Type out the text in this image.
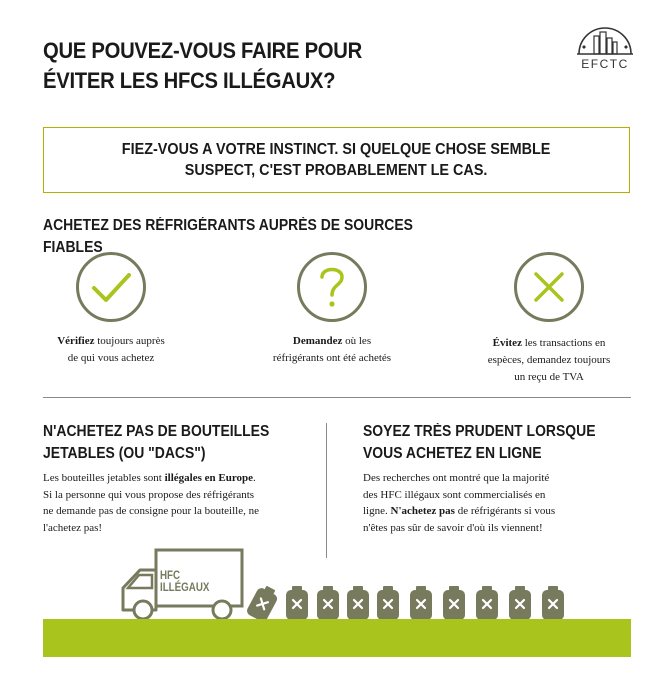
QUE POUVEZ-VOUS FAIRE POUR
ÉVITER LES HFCS ILLÉGAUX?
EFCTC
FIEZ-VOUS A VOTRE INSTINCT. SI QUELQUE CHOSE SEMBLE
SUSPECT, C'EST PROBABLEMENT LE CAS.
ACHETEZ DES RÉFRIGÉRANTS AUPRÈS DE SOURCES FIABLES
Vérifiez toujours auprès
de qui vous achetez
Demandez où les
réfrigérants ont été achetés
Évitez les transactions en
espèces, demandez toujours
un reçu de TVA
N'ACHETEZ PAS DE BOUTEILLES
JETABLES (OU "DACS")
Les bouteilles jetables sont illégales en Europe.
Si la personne qui vous propose des réfrigérants
ne demande pas de consigne pour la bouteille, ne
l'achetez pas!
SOYEZ TRÈS PRUDENT LORSQUE
VOUS ACHETEZ EN LIGNE
Des recherches ont montré que la majorité
des HFC illégaux sont commercialisés en
ligne. N'achetez pas de réfrigérants si vous
n'êtes pas sûr de savoir d'où ils viennent!
HFC ILLÉGAUX
